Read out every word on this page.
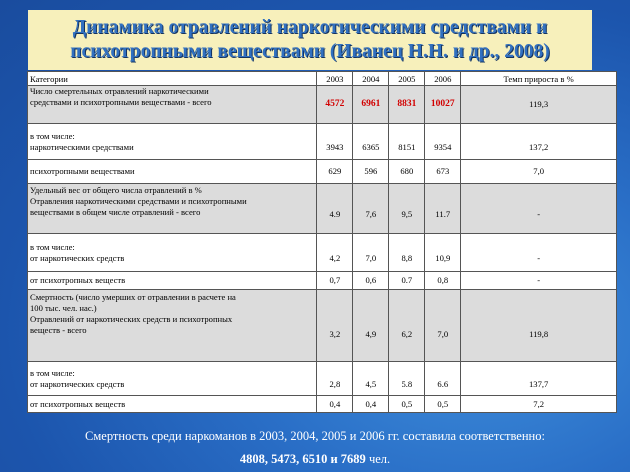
Динамика отравлений наркотическими средствами и психотропными веществами (Иванец Н.Н. и др., 2008)
Категории	2003	2004	2005	2006	Темп прироста в %

Число смертельных отравлений наркотическими
средствами и психотропными веществами - всего	4572	6961	8831	10027	119,3

в том числе:
наркотическими средствами	3943	6365	8151	9354	137,2
психотропными веществами	629	596	680	673	7,0

Удельный вес от общего числа отравлений в %
Отравления наркотическими средствами и психотропными
веществами в общем числе отравлений - всего	4.9	7,6	9,5	11.7	-

в том числе:
от наркотических средств	4,2	7,0	8,8	10,9	-
от психотропных веществ	0,7	0,6	0.7	0,8	-

Смертность (число умерших от отравлении в расчете на
100 тыс. чел. нас.)
Отравлений от наркотических средств и психотропных
веществ - всего	3,2	4,9	6,2	7,0	119,8

в том числе:
от наркотических средств	2,8	4,5	5.8	6.6	137,7
от психотропных веществ	0,4	0,4	0,5	0,5	7,2
Смертность среди наркоманов в 2003, 2004, 2005 и 2006 гг. составила соответственно:
4808, 5473, 6510 и 7689 чел.
